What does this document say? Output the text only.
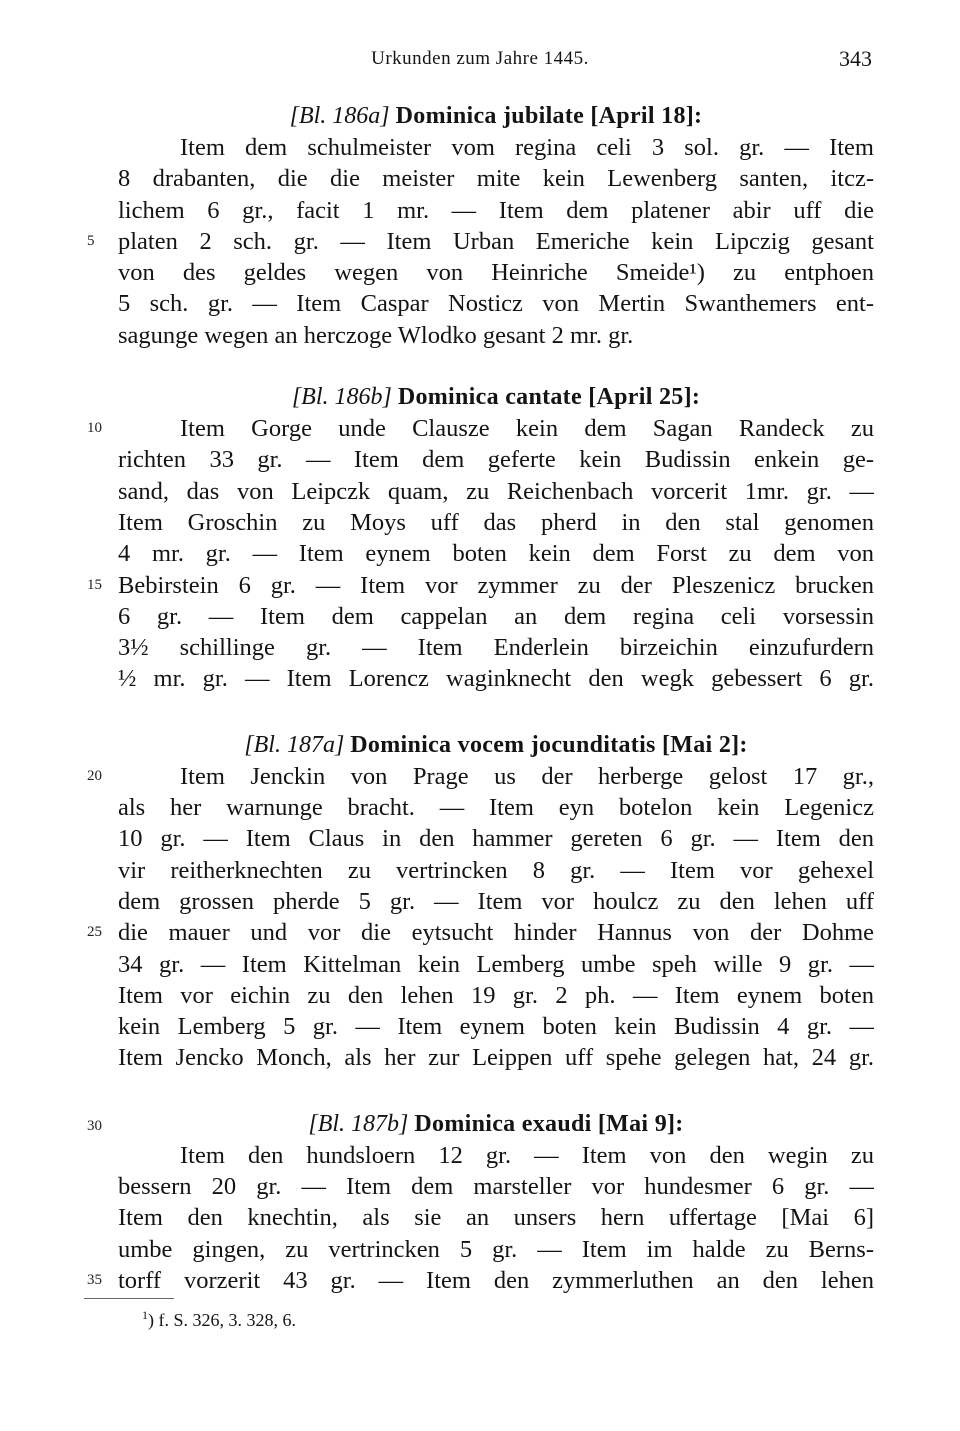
Urkunden zum Jahre 1445.	343
[Bl. 186a] Dominica jubilate [April 18]:
Item dem schulmeister vom regina celi 3 sol. gr. — Item
8 drabanten, die die meister mite kein Lewenberg santen, itcz-
lichem 6 gr., facit 1 mr. — Item dem platener abir uff die
5 platen 2 sch. gr. — Item Urban Emeriche kein Lipczig gesant
von des geldes wegen von Heinriche Smeide¹) zu entphoen
5 sch. gr. — Item Caspar Nosticz von Mertin Swanthemers ent-
sagunge wegen an herczoge Wlodko gesant 2 mr. gr.
[Bl. 186b] Dominica cantate [April 25]:
10	Item Gorge unde Clausze kein dem Sagan Randeck zu
richten 33 gr. — Item dem geferte kein Budissin enkein ge-
sand, das von Leipczk quam, zu Reichenbach vorcerit 1mr. gr. —
Item Groschin zu Moys uff das pherd in den stal genomen
4 mr. gr. — Item eynem boten kein dem Forst zu dem von
15 Bebirstein 6 gr. — Item vor zymmer zu der Pleszenicz brucken
6 gr. — Item dem cappelan an dem regina celi vorsessin
3½ schillinge gr. — Item Enderlein birzeichin einzufurdern
½ mr. gr. — Item Lorencz waginknecht den wegk gebessert 6 gr.
[Bl. 187a] Dominica vocem jocunditatis [Mai 2]:
20	Item Jenckin von Prage us der herberge gelost 17 gr.,
als her warnunge bracht. — Item eyn botelon kein Legenicz
10 gr. — Item Claus in den hammer gereten 6 gr. — Item den
vir reitherknechten zu vertrincken 8 gr. — Item vor gehexel
dem grossen pherde 5 gr. — Item vor houlcz zu den lehen uff
25 die mauer und vor die eytsucht hinder Hannus von der Dohme
34 gr. — Item Kittelman kein Lemberg umbe speh wille 9 gr. —
Item vor eichin zu den lehen 19 gr. 2 ph. — Item eynem boten
kein Lemberg 5 gr. — Item eynem boten kein Budissin 4 gr. —
Item Jencko Monch, als her zur Leippen uff spehe gelegen hat, 24 gr.
30	[Bl. 187b] Dominica exaudi [Mai 9]:
Item den hundsloern 12 gr. — Item von den wegin zu
bessern 20 gr. — Item dem marsteller vor hundesmer 6 gr. —
Item den knechtin, als sie an unsers hern uffertage [Mai 6]
umbe gingen, zu vertrincken 5 gr. — Item im halde zu Berns-
35 torff vorzerit 43 gr. — Item den zymmerluthen an den lehen
$^1$) f. S. 326, 3. 328, 6.
